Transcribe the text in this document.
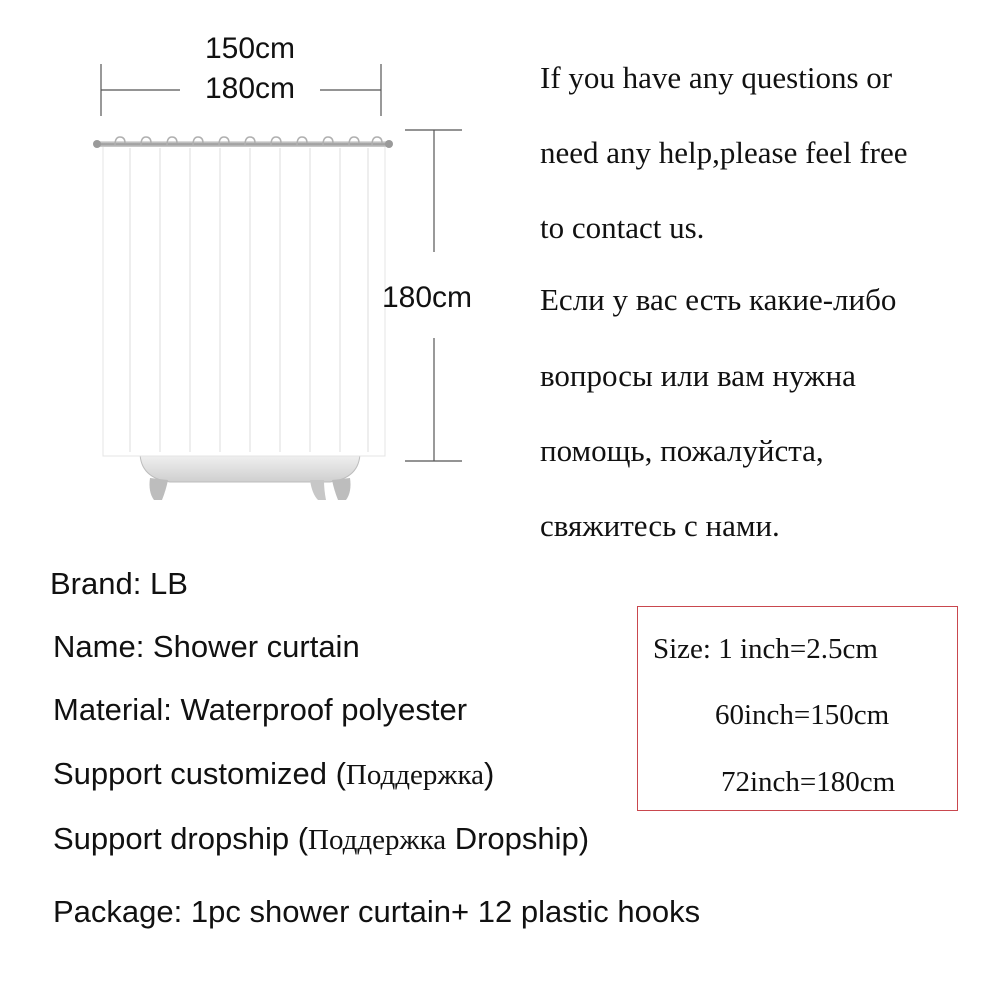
150cm
180cm
180cm
If you have any questions or
need any help,please feel free
to contact us.
Если у вас есть какие-либо
вопросы или вам нужна
помощь, пожалуйста,
свяжитесь с нами.
Brand: LB
Name: Shower curtain
Material: Waterproof polyester
Support customized (Поддержка)
Support dropship (Поддержка Dropship)
Package: 1pc shower curtain+ 12 plastic hooks
Size: 1 inch=2.5cm
60inch=150cm
72inch=180cm
